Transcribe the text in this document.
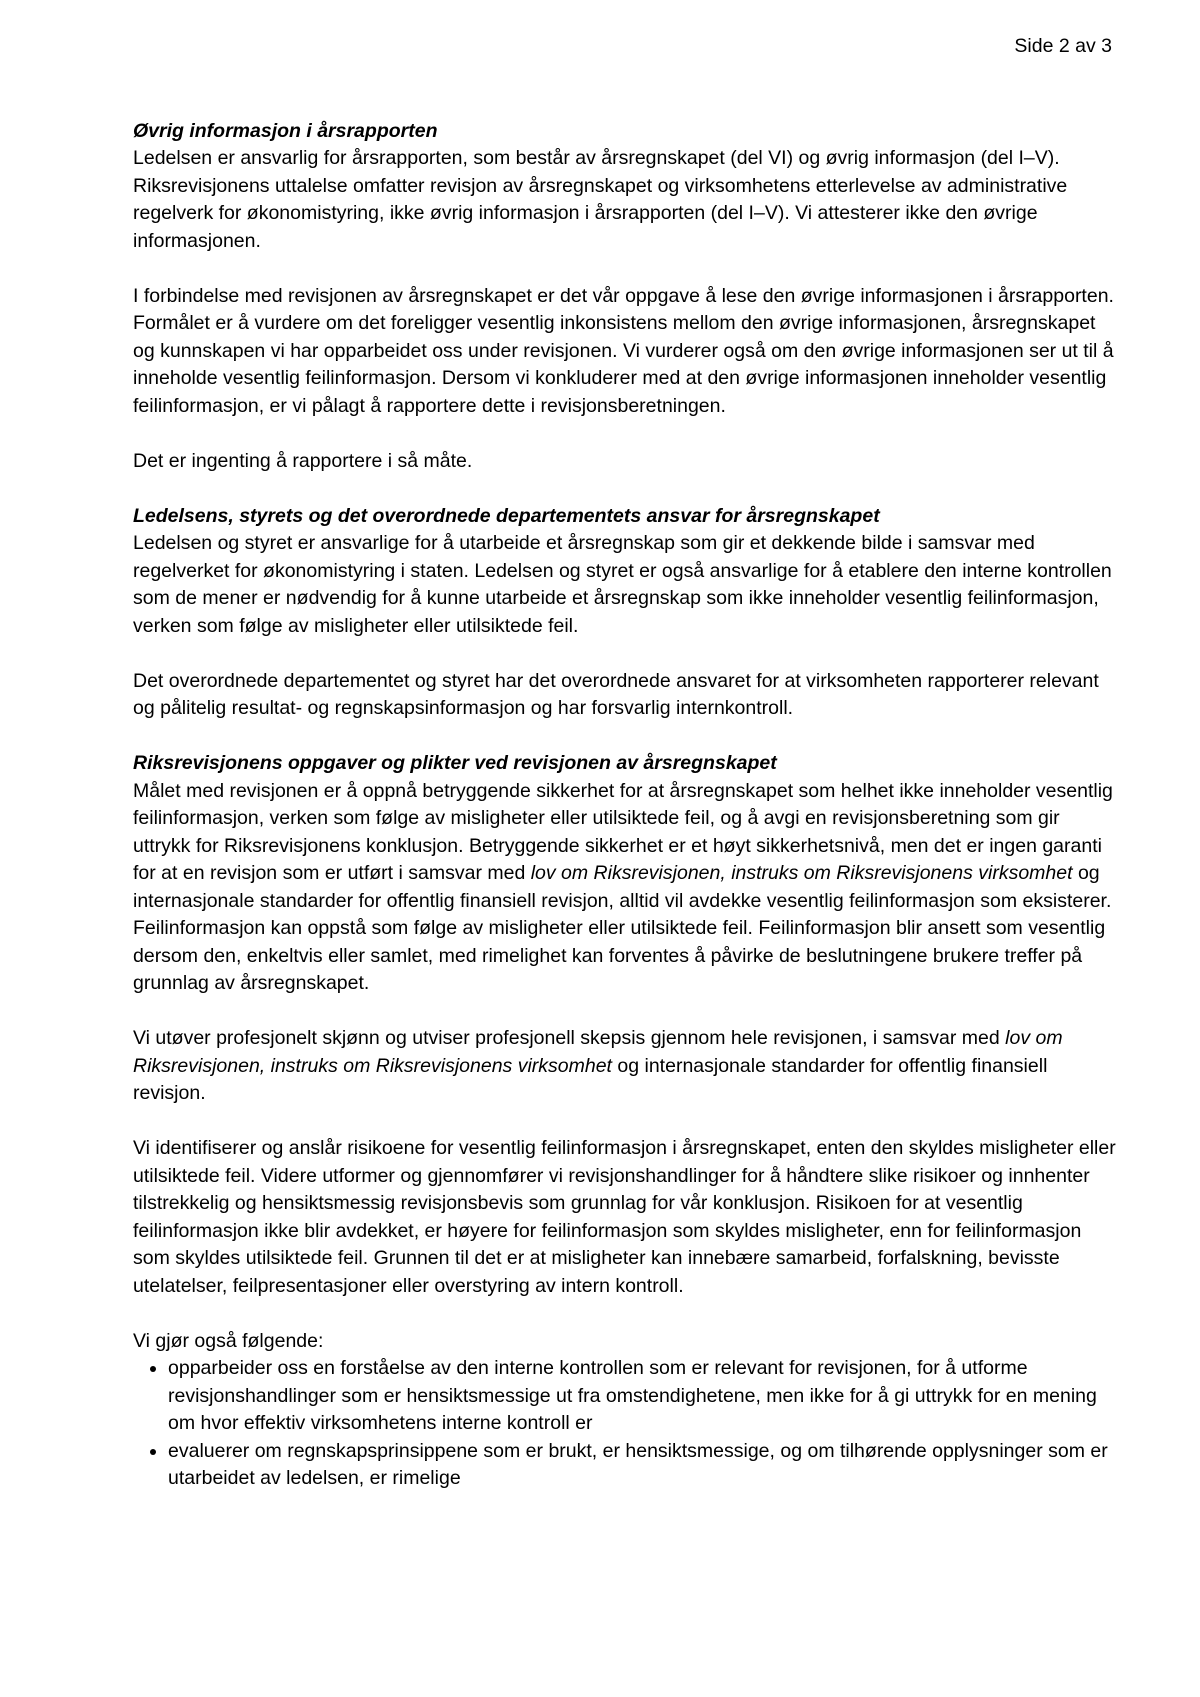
Side 2 av 3
Øvrig informasjon i årsrapporten

Ledelsen er ansvarlig for årsrapporten, som består av årsregnskapet (del VI) og øvrig informasjon (del I–V). Riksrevisjonens uttalelse omfatter revisjon av årsregnskapet og virksomhetens etterlevelse av administrative regelverk for økonomistyring, ikke øvrig informasjon i årsrapporten (del I–V). Vi attesterer ikke den øvrige informasjonen.

I forbindelse med revisjonen av årsregnskapet er det vår oppgave å lese den øvrige informasjonen i årsrapporten. Formålet er å vurdere om det foreligger vesentlig inkonsistens mellom den øvrige informasjonen, årsregnskapet og kunnskapen vi har opparbeidet oss under revisjonen. Vi vurderer også om den øvrige informasjonen ser ut til å inneholde vesentlig feilinformasjon. Dersom vi konkluderer med at den øvrige informasjonen inneholder vesentlig feilinformasjon, er vi pålagt å rapportere dette i revisjonsberetningen.

Det er ingenting å rapportere i så måte.

Ledelsens, styrets og det overordnede departementets ansvar for årsregnskapet

Ledelsen og styret er ansvarlige for å utarbeide et årsregnskap som gir et dekkende bilde i samsvar med regelverket for økonomistyring i staten. Ledelsen og styret er også ansvarlige for å etablere den interne kontrollen som de mener er nødvendig for å kunne utarbeide et årsregnskap som ikke inneholder vesentlig feilinformasjon, verken som følge av misligheter eller utilsiktede feil.

Det overordnede departementet og styret har det overordnede ansvaret for at virksomheten rapporterer relevant og pålitelig resultat- og regnskapsinformasjon og har forsvarlig internkontroll.

Riksrevisjonens oppgaver og plikter ved revisjonen av årsregnskapet

Målet med revisjonen er å oppnå betryggende sikkerhet for at årsregnskapet som helhet ikke inneholder vesentlig feilinformasjon, verken som følge av misligheter eller utilsiktede feil, og å avgi en revisjonsberetning som gir uttrykk for Riksrevisjonens konklusjon. Betryggende sikkerhet er et høyt sikkerhetsnivå, men det er ingen garanti for at en revisjon som er utført i samsvar med lov om Riksrevisjonen, instruks om Riksrevisjonens virksomhet og internasjonale standarder for offentlig finansiell revisjon, alltid vil avdekke vesentlig feilinformasjon som eksisterer. Feilinformasjon kan oppstå som følge av misligheter eller utilsiktede feil. Feilinformasjon blir ansett som vesentlig dersom den, enkeltvis eller samlet, med rimelighet kan forventes å påvirke de beslutningene brukere treffer på grunnlag av årsregnskapet.

Vi utøver profesjonelt skjønn og utviser profesjonell skepsis gjennom hele revisjonen, i samsvar med lov om Riksrevisjonen, instruks om Riksrevisjonens virksomhet og internasjonale standarder for offentlig finansiell revisjon.

Vi identifiserer og anslår risikoene for vesentlig feilinformasjon i årsregnskapet, enten den skyldes misligheter eller utilsiktede feil. Videre utformer og gjennomfører vi revisjonshandlinger for å håndtere slike risikoer og innhenter tilstrekkelig og hensiktsmessig revisjonsbevis som grunnlag for vår konklusjon. Risikoen for at vesentlig feilinformasjon ikke blir avdekket, er høyere for feilinformasjon som skyldes misligheter, enn for feilinformasjon som skyldes utilsiktede feil. Grunnen til det er at misligheter kan innebære samarbeid, forfalskning, bevisste utelatelser, feilpresentasjoner eller overstyring av intern kontroll.

Vi gjør også følgende:

• opparbeider oss en forståelse av den interne kontrollen som er relevant for revisjonen, for å utforme revisjonshandlinger som er hensiktsmessige ut fra omstendighetene, men ikke for å gi uttrykk for en mening om hvor effektiv virksomhetens interne kontroll er
• evaluerer om regnskapsprinsippene som er brukt, er hensiktsmessige, og om tilhørende opplysninger som er utarbeidet av ledelsen, er rimelige
